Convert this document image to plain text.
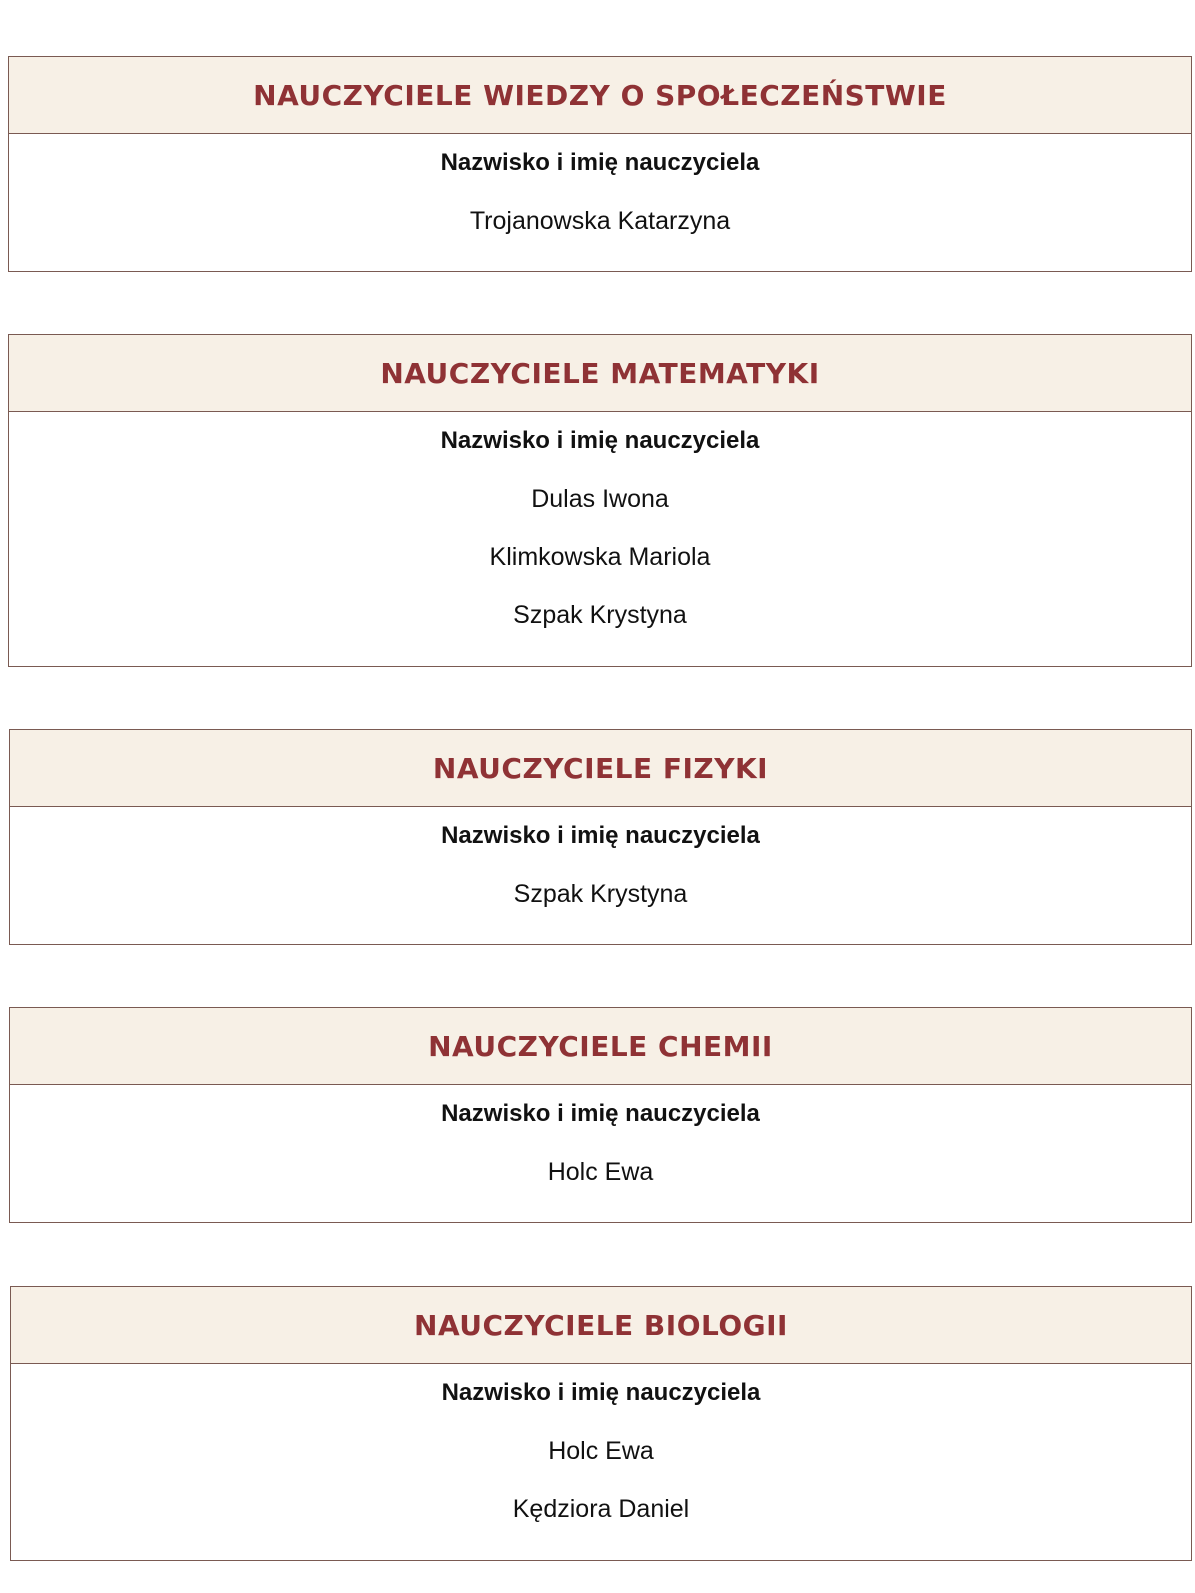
NAUCZYCIELE WIEDZY O SPOŁECZEŃSTWIE
Nazwisko i imię nauczyciela
Trojanowska Katarzyna
NAUCZYCIELE MATEMATYKI
Nazwisko i imię nauczyciela
Dulas Iwona
Klimkowska Mariola
Szpak Krystyna
NAUCZYCIELE FIZYKI
Nazwisko i imię nauczyciela
Szpak Krystyna
NAUCZYCIELE CHEMII
Nazwisko i imię nauczyciela
Holc Ewa
NAUCZYCIELE BIOLOGII
Nazwisko i imię nauczyciela
Holc Ewa
Kędziora Daniel
